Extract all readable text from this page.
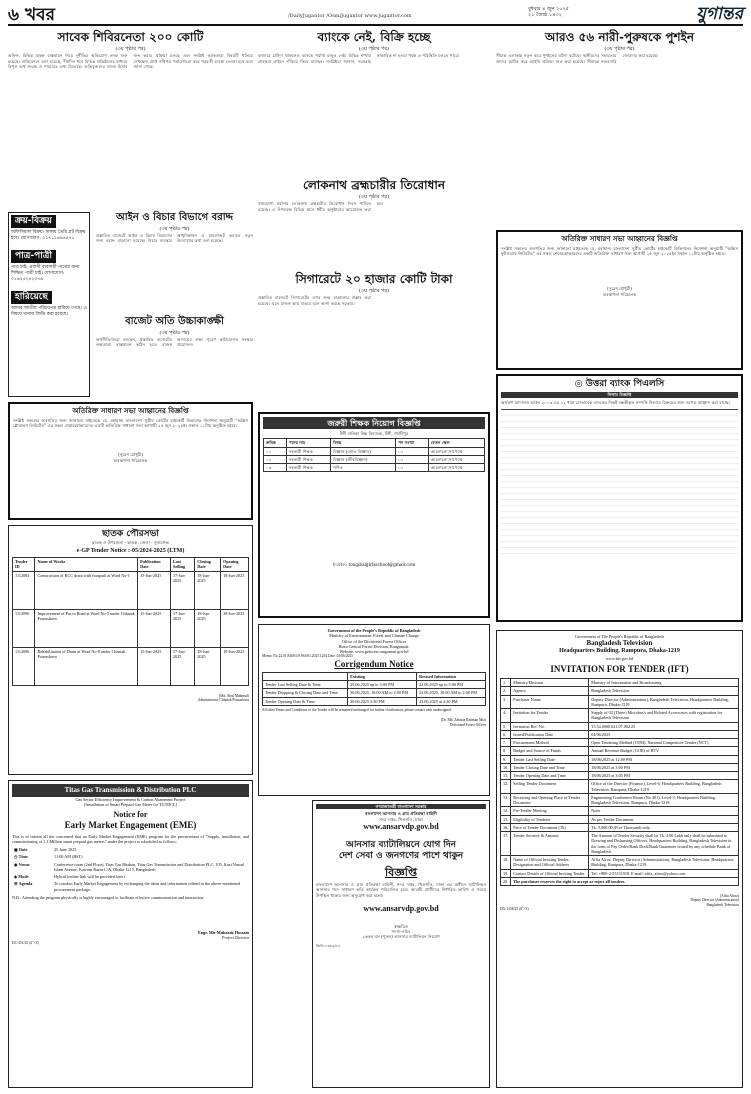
৬ খবর	/DailyJugantor /OsmiJugantor www.jugantor.com
বুধবার ৪ জুন ২০২৫
২১ জ্যৈষ্ঠ ১৪৩২	যুগান্তর
সাবেক শিবিরনেতা ২০০ কোটি
(৩য় পৃষ্ঠার পর)
অফিস, বিভিন্ন প্রকল্প বাস্তবায়ন নিয়ে দুর্নীতির অভিযোগ তদন্ত শুরু হয়েছে। প্রতিবেদনে বলা হয়েছে, দীর্ঘদিন ধরে বিভিন্ন প্রতিষ্ঠানের মাধ্যমে বিপুল অর্থ সংগ্রহ ও পাচারের তথ্য মিলেছে। অভিযুক্তদের ব্যাংক হিসাব জব্দ করার প্রক্রিয়া চলছে এবং সংশ্লিষ্ট কর্মকর্তারা বিষয়টি খতিয়ে দেখছেন। প্রাপ্ত নথিপত্র পর্যালোচনা করে পরবর্তী ব্যবস্থা নেওয়া হবে বলে জানা গেছে।
ব্যাংকে নেই, বিক্রি হচ্ছে
(৩য় পৃষ্ঠার পর)
বাজারে চাহিদা থাকলেও ব্যাংকে পর্যাপ্ত মজুত নেই। বিভিন্ন শাখায় গ্রাহকরা লাইনে দাঁড়িয়ে ফিরে যাচ্ছেন। সংশ্লিষ্টরা জানান, সরবরাহ স্বাভাবিক না হওয়া পর্যন্ত এ পরিস্থিতি চলতে পারে।
আরও ৫৬ নারী-পুরুষকে পুশইন
(৩য় পৃষ্ঠার পর)
সীমান্ত এলাকায় নতুন করে পুশইনের ঘটনা ঘটেছে। স্থানীয়দের সহায়তায় তাদের আটক করে আইনি প্রক্রিয়া শুরু করা হয়েছে। সীমান্তে নজরদারি জোরদার করা হয়েছে।
লোকনাথ ব্রহ্মচারীর তিরোধান
(৩য় পৃষ্ঠার পর)
যথাযোগ্য মর্যাদায় লোকনাথ ব্রহ্মচারীর তিরোধান দিবস পালিত হয়েছে। এ উপলক্ষে বিভিন্ন স্থানে ধর্মীয় অনুষ্ঠানের আয়োজন করা হয়।
ক্রয়-বিক্রয়
অফিসিয়াল বিক্রয়: ঢাকায় তৈরি প্লট বিক্রয় হবে। যোগাযোগ: ০১৭১১৬৯৬৫৭১
পাত্র-পাত্রী
পাত্র চাই: প্রবাসী ব্যবসায়ী পাত্রের জন্য শিক্ষিত পাত্রী চাই। যোগাযোগ: ০১৬২৫২৪২০৭৬
হারিয়েছে
আমার জাতীয় পরিচয়পত্র হারিয়ে গেছে। এ বিষয়ে থানায় জিডি করা হয়েছে।
আইন ও বিচার বিভাগে বরাদ্দ
(৩য় পৃষ্ঠার পর)
প্রস্তাবিত বাজেটে আইন ও বিচার বিভাগের জন্য বরাদ্দ বাড়ানো হয়েছে। বিচার ব্যবস্থার আধুনিকায়ন ও মামলাজট কমাতে নতুন উদ্যোগের কথা বলা হয়েছে।
বাজেট অতি উচ্চাকাঙ্ক্ষী
(৩য় পৃষ্ঠার পর)
অর্থনীতিবিদরা বলছেন, প্রস্তাবিত বাজেটের লক্ষ্যমাত্রা বাস্তবায়ন কঠিন হবে। রাজস্ব আদায়ের লক্ষ্য পূরণে কাঠামোগত সংস্কার প্রয়োজন।
সিগারেটে ২০ হাজার কোটি টাকা
(৩য় পৃষ্ঠার পর)
প্রস্তাবিত বাজেটে সিগারেটের ওপর শুল্ক বাড়ানোর প্রস্তাব করা হয়েছে। এতে রাজস্ব আয় বাড়বে বলে আশা করছে সরকার।
অতিরিক্ত সাধারণ সভা আহ্বানের বিজ্ঞপ্তি
সংশ্লিষ্ট সকলের অবগতির জন্য জানানো যাইতেছে যে, মহামান্য বাংলাদেশ সুপ্রীম কোর্টের হাইকোর্ট ডিভিশনের নির্দেশনা অনুযায়ী "অক্সিস ফুটওয়্যার লিমিটেড" এর সকল শেয়ারহোল্ডারদের একটি অতিরিক্ত সাধারণ সভা আগামী ২৫ জুন ২০২৫ইং সকাল ১১টায় অনুষ্ঠিত হইবে।
(সুরেশ চৌধুরী)
ব্যবস্থাপনা পরিচালক
অতিরিক্ত সাধারণ সভা আহ্বানের বিজ্ঞপ্তি
সংশ্লিষ্ট সকলের অবগতির জন্য জানানো যাইতেছে যে, মহামান্য বাংলাদেশ সুপ্রীম কোর্টের হাইকোর্ট বিভাগের নির্দেশনা অনুযায়ী "অক্সিস গ্লোবালস লিমিটেড" এর সকল শেয়ারহোল্ডারদের একটি অতিরিক্ত সাধারণ সভা আগামী ২৫ জুন ২০২৫ইং সকাল ১১টায় অনুষ্ঠিত হইবে।
(সুরেশ চৌধুরী)
ব্যবস্থাপনা পরিচালক
জরুরী শিক্ষক নিয়োগ বিজ্ঞপ্তি
টঙ্গী বালিকা উচ্চ বিদ্যালয়, টঙ্গী, গাজীপুর
ক্রমিক	পদের নাম	বিষয়	পদ সংখ্যা	বেতন স্কেল
০১	সহকারী শিক্ষক	বিজ্ঞান (ভৌত বিজ্ঞান)	০১	আলোচনা সাপেক্ষে
০২	সহকারী শিক্ষক	বিজ্ঞান (জীববিজ্ঞান)	০১	আলোচনা সাপেক্ষে
০৩	সহকারী শিক্ষক	গণিত	০১	আলোচনা সাপেক্ষে
ই-মেইল: tongibalgirlsschool@gmail.com
◎ উত্তরা ব্যাংক পিএলসি
নিলাম বিজ্ঞপ্তি
অর্থঋণ আদালত আইন ২০০৩ এর ১২ ধারা মোতাবেক ব্যাংকের নিকট বন্ধকীকৃত সম্পত্তি নিলামে বিক্রয়ের জন্য দরপত্র আহ্বান করা যাচ্ছে।
Government of the People's Republic of Bangladesh
Ministry of Environment, Forest and Climate Change
Office of the Divisional Forest Officer
Buxa Central Forest Division, Rangamati.
Website: www.geforest.rangamati.gov.bd
Memo: No.22.01.8400.0.0.96.001.2025.1234 Date: 03/06/2025
Corrigendum Notice
	Existing	Revised Information
Tender Last Selling Date & Time	29.06.2025 up to 5:00 PM	22.06.2025 up to 5:00 PM
Tender Dropping & Closing Date and Time	30.06.2025, 10:00 AM to 2:00 PM	23.06.2025, 10:00 AM to 2:00 PM
Tender Opening Date & Time	30.06.2025 2:30 PM	23.06.2025 at 2:30 PM
All other Terms and Conditions of the Tender will be remained unchanged for further clarification, please contact with undersigned.
(Dr. Md. Zakaria Rahman Mia)
Divisional Forest Officer
ছাতক পৌরসভা
ছাতক ও উপজেলা - ছাতক, জেলা - সুনামগঞ্জ
e-GP Tender Notice :-05/2024-2025 (LTM)
Tender ID	Name of Works	Publication Date	Last Selling	Closing Date	Opening Date
1112084	Construction of RCC drain with footpath at Ward No-1	15-Jun-2025	17-Jun-2025	18-Jun-2025	18-Jun-2025
1112090	Improvement of Pucca Road at Ward No-5 under Chhatak Pourashava	15-Jun-2025	17-Jun-2025	18-Jun-2025	18-Jun-2025
1112096	Rehabilitation of Drain at Ward No-8 under Chhatak Pourashava	15-Jun-2025	17-Jun-2025	18-Jun-2025	18-Jun-2025
(Md. Abul Mahmud)
Administrator, Chhatak Pourashava
Titas Gas Transmission & Distribution PLC
Gas Sector Efficiency Improvement & Carbon Abatement Project
[Installation of Smart Prepaid Gas Meter for TGTDCL]
Notice for
Early Market Engagement (EME)
This is to inform all the concerned that an Early Market Engagement (EME) program for the procurement of "Supply, installation, and commissioning of 1.1 Million smart prepaid gas meters" under the project is scheduled as follows:
▣ Date	25 June 2025
◷ Time	11:00 AM (BST)
◉ Venue	Conference room (2nd Floor), Titas Gas Bhaban, Titas Gas Transmission and Distribution PLC, 105, Kazi Nazrul Islam Avenue, Kawran Bazar C/A, Dhaka-1215, Bangladesh.
◈ Mode	Hybrid (online link will be provided later).
☰ Agenda	To conduct Early Market Engagement by exchanging the ideas and information related to the above-mentioned procurement package.
N.B.: Attending the program physically is highly encouraged to facilitate effective communication and interaction.
Engr. Mir Mubarak Hossain
Project Director
DC-451/25 (4"×3)
গণপ্রজাতন্ত্রী বাংলাদেশ সরকার
বাংলাদেশ আনসার ও গ্রাম প্রতিরক্ষা বাহিনী
সদর দপ্তর, খিলগাঁও, ঢাকা
www.ansarvdp.gov.bd
আনসার ব্যাটালিয়নে যোগ দিন
দেশ সেবা ও জনগণের পাশে থাকুন
বিজ্ঞপ্তি
বাংলাদেশ আনসার ও গ্রাম প্রতিরক্ষা বাহিনী, সদর দপ্তর, খিলগাঁও, ঢাকা এর অধীনে ব্যাটালিয়ন আনসার পদে সাধারণ ভর্তি কার্যক্রম পরিচালিত হবে। আগ্রহী প্রার্থীদের নির্ধারিত তারিখ ও সময়ে উপস্থিত থাকার জন্য অনুরোধ করা হলো।
www.ansarvdp.gov.bd
স্বাক্ষরিত
সদস্য-সচিব
২৬তম বাং (পুরুষ) আনসার ব্যাটালিয়ন নিয়োগ
জিডি-১৩৮৬/২৫
Government of The People's Republic of Bangladesh
Bangladesh Television
Headquarters Building, Rampura, Dhaka-1219
www.btv.gov.bd
INVITATION FOR TENDER (IFT)
1.	Ministry/Division	Ministry of Information and Broadcasting
2.	Agency	Bangladesh Television
3.	Purchaser Name	Deputy Director (Administration), Bangladesh Television, Headquarters Building, Rampura, Dhaka-1219.
4.	Invitation for Tender	Supply of 03 (Three) Microbus's and Related Accessories with registration for Bangladesh Television.
5.	Invitation Ref. No.	15.54.0000.021.07.002.25
6.	Issued/Publication Date	04/06/2025
7.	Procurement Method	Open Tendering Method (OTM). National Competitive Tender (NCT)
8.	Budget and Source of Funds	Annual Revenue Budget (GOB) of BTV
9.	Tender Last Selling Date	18/06/2025 at 12:00 PM
10.	Tender Closing Date and Time	18/06/2025 at 3:00 PM
11.	Tender Opening Date and Time	18/06/2025 at 3:05 PM
12.	Selling Tender Document	Office of the Director (Finance), Level-6, Headquarters Building, Bangladesh Television, Rampura, Dhaka-1219.
13.	Receiving and Opening Place of Tender Document	Engineering Conference Room (No 401), Level-3, Headquarters Building, Bangladesh Television, Rampura, Dhaka-1219.
14.	Pre-Tender Meeting	None
15.	Eligibility of Tenderer	As per Tender Document.
16.	Price of Tender Document (Tk)	Tk. 5,000.00 (Five Thousand) only.
17.	Tender Security & Amount	The Amount of Tender Security shall be Tk. 4.00 Lakh only shall be submitted to Drawing and Disbursing Officers, Headquarters Building, Bangladesh Television in the form of Pay Order/Bank Draft/Bank Guarantee issued by any schedule Bank of Bangladesh.
18.	Name of Official Inviting Tender, Designation and Official Address	Afifa Afroz, Deputy Director (Administration), Bangladesh Television, Headquarters Building, Rampura, Dhaka-1219.
19.	Contact Details of Official Inviting Tender	Tel: +880-2-55131918. E-mail: afifa_afroz@yahoo.com
20.	The purchaser reserves the right to accept or reject all tenders.	
(Afifa Afroz)
Deputy Director (Administration)
Bangladesh Television
DG-1358/25 (8"×3)
